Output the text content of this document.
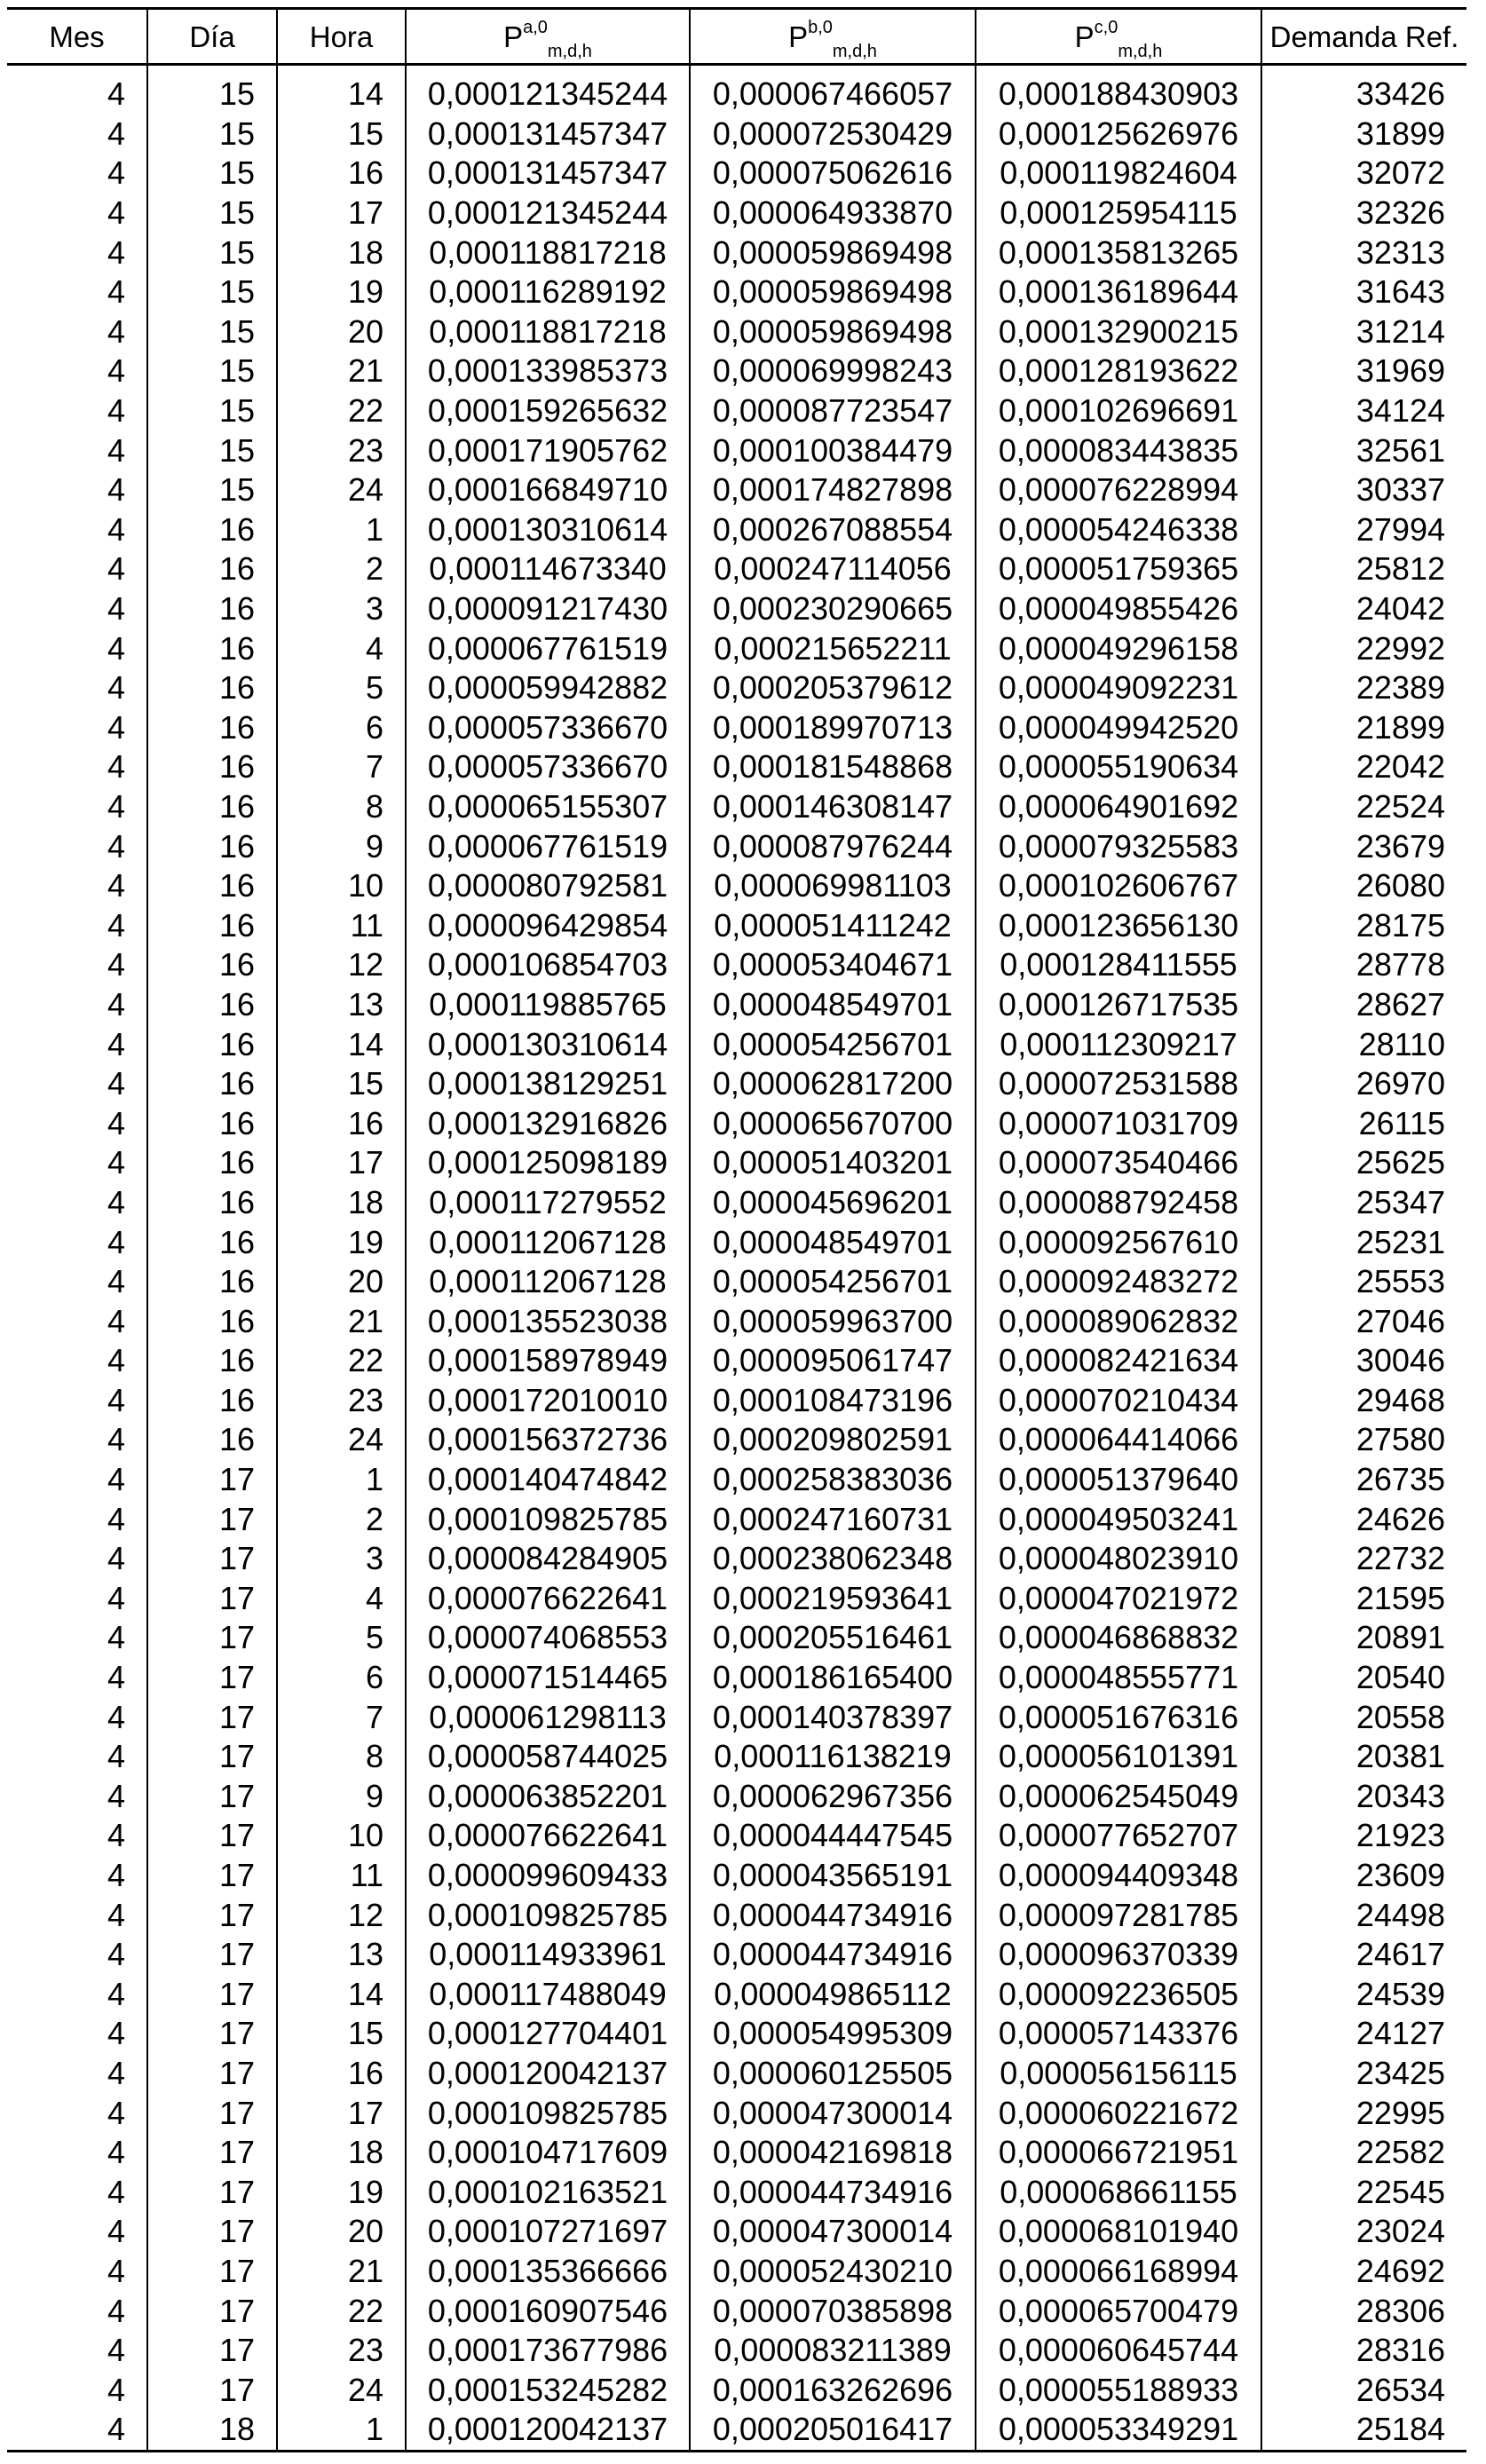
Mes	Día	Hora	P$^{a,0}_{m,d,h}$	P$^{b,0}_{m,d,h}$	P$^{c,0}_{m,d,h}$	Demanda Ref.
4	15	14	0,000121345244	0,000067466057	0,000188430903	33426
4	15	15	0,000131457347	0,000072530429	0,000125626976	31899
4	15	16	0,000131457347	0,000075062616	0,000119824604	32072
4	15	17	0,000121345244	0,000064933870	0,000125954115	32326
4	15	18	0,000118817218	0,000059869498	0,000135813265	32313
4	15	19	0,000116289192	0,000059869498	0,000136189644	31643
4	15	20	0,000118817218	0,000059869498	0,000132900215	31214
4	15	21	0,000133985373	0,000069998243	0,000128193622	31969
4	15	22	0,000159265632	0,000087723547	0,000102696691	34124
4	15	23	0,000171905762	0,000100384479	0,000083443835	32561
4	15	24	0,000166849710	0,000174827898	0,000076228994	30337
4	16	1	0,000130310614	0,000267088554	0,000054246338	27994
4	16	2	0,000114673340	0,000247114056	0,000051759365	25812
4	16	3	0,000091217430	0,000230290665	0,000049855426	24042
4	16	4	0,000067761519	0,000215652211	0,000049296158	22992
4	16	5	0,000059942882	0,000205379612	0,000049092231	22389
4	16	6	0,000057336670	0,000189970713	0,000049942520	21899
4	16	7	0,000057336670	0,000181548868	0,000055190634	22042
4	16	8	0,000065155307	0,000146308147	0,000064901692	22524
4	16	9	0,000067761519	0,000087976244	0,000079325583	23679
4	16	10	0,000080792581	0,000069981103	0,000102606767	26080
4	16	11	0,000096429854	0,000051411242	0,000123656130	28175
4	16	12	0,000106854703	0,000053404671	0,000128411555	28778
4	16	13	0,000119885765	0,000048549701	0,000126717535	28627
4	16	14	0,000130310614	0,000054256701	0,000112309217	28110
4	16	15	0,000138129251	0,000062817200	0,000072531588	26970
4	16	16	0,000132916826	0,000065670700	0,000071031709	26115
4	16	17	0,000125098189	0,000051403201	0,000073540466	25625
4	16	18	0,000117279552	0,000045696201	0,000088792458	25347
4	16	19	0,000112067128	0,000048549701	0,000092567610	25231
4	16	20	0,000112067128	0,000054256701	0,000092483272	25553
4	16	21	0,000135523038	0,000059963700	0,000089062832	27046
4	16	22	0,000158978949	0,000095061747	0,000082421634	30046
4	16	23	0,000172010010	0,000108473196	0,000070210434	29468
4	16	24	0,000156372736	0,000209802591	0,000064414066	27580
4	17	1	0,000140474842	0,000258383036	0,000051379640	26735
4	17	2	0,000109825785	0,000247160731	0,000049503241	24626
4	17	3	0,000084284905	0,000238062348	0,000048023910	22732
4	17	4	0,000076622641	0,000219593641	0,000047021972	21595
4	17	5	0,000074068553	0,000205516461	0,000046868832	20891
4	17	6	0,000071514465	0,000186165400	0,000048555771	20540
4	17	7	0,000061298113	0,000140378397	0,000051676316	20558
4	17	8	0,000058744025	0,000116138219	0,000056101391	20381
4	17	9	0,000063852201	0,000062967356	0,000062545049	20343
4	17	10	0,000076622641	0,000044447545	0,000077652707	21923
4	17	11	0,000099609433	0,000043565191	0,000094409348	23609
4	17	12	0,000109825785	0,000044734916	0,000097281785	24498
4	17	13	0,000114933961	0,000044734916	0,000096370339	24617
4	17	14	0,000117488049	0,000049865112	0,000092236505	24539
4	17	15	0,000127704401	0,000054995309	0,000057143376	24127
4	17	16	0,000120042137	0,000060125505	0,000056156115	23425
4	17	17	0,000109825785	0,000047300014	0,000060221672	22995
4	17	18	0,000104717609	0,000042169818	0,000066721951	22582
4	17	19	0,000102163521	0,000044734916	0,000068661155	22545
4	17	20	0,000107271697	0,000047300014	0,000068101940	23024
4	17	21	0,000135366666	0,000052430210	0,000066168994	24692
4	17	22	0,000160907546	0,000070385898	0,000065700479	28306
4	17	23	0,000173677986	0,000083211389	0,000060645744	28316
4	17	24	0,000153245282	0,000163262696	0,000055188933	26534
4	18	1	0,000120042137	0,000205016417	0,000053349291	25184
